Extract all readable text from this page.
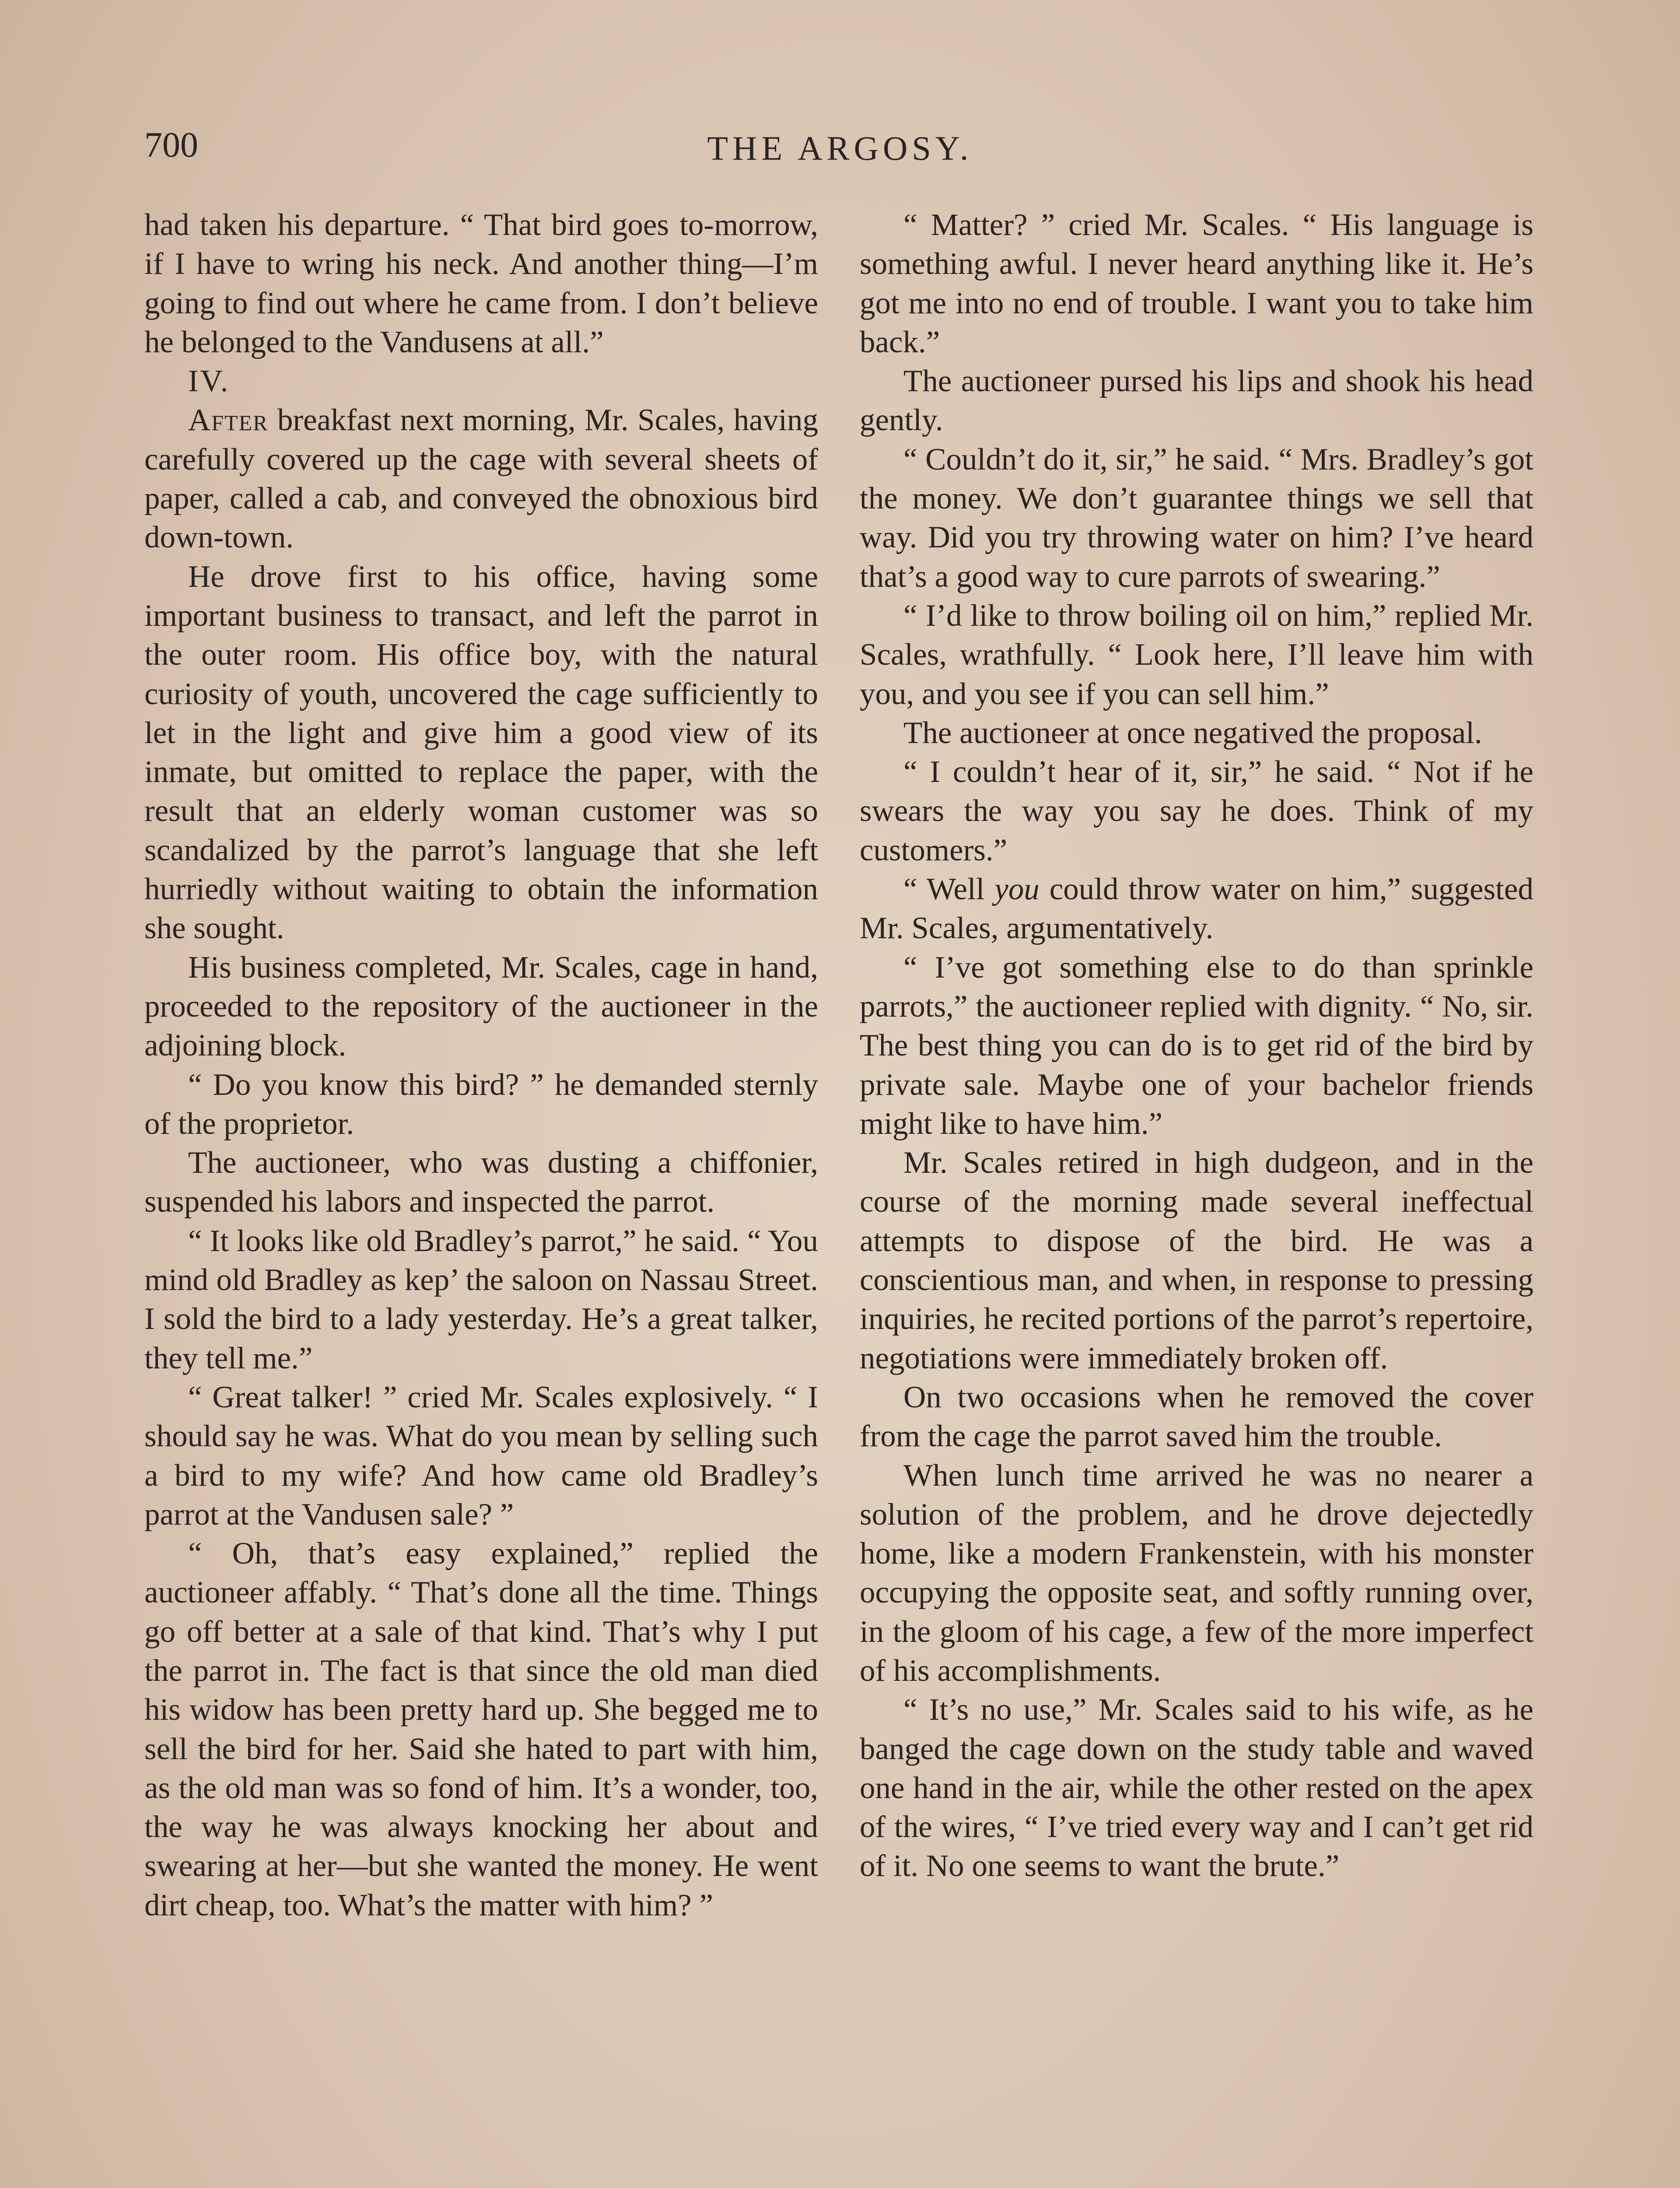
700	THE ARGOSY.

had taken his departure. “ That bird goes to-morrow, if I have to wring his neck. And another thing—I’m going to find out where he came from. I don’t believe he belonged to the Vandusens at all.”

IV.

After breakfast next morning, Mr. Scales, having carefully covered up the cage with several sheets of paper, called a cab, and conveyed the obnoxious bird down-town.

He drove first to his office, having some important business to transact, and left the parrot in the outer room. His office boy, with the natural curiosity of youth, uncovered the cage sufficiently to let in the light and give him a good view of its inmate, but omitted to replace the paper, with the result that an elderly woman customer was so scandalized by the parrot’s language that she left hurriedly without waiting to obtain the information she sought.

His business completed, Mr. Scales, cage in hand, proceeded to the repository of the auctioneer in the adjoining block.

“ Do you know this bird? ” he demanded sternly of the proprietor.

The auctioneer, who was dusting a chiffonier, suspended his labors and inspected the parrot.

“ It looks like old Bradley’s parrot,” he said. “ You mind old Bradley as kep’ the saloon on Nassau Street. I sold the bird to a lady yesterday. He’s a great talker, they tell me.”

“ Great talker! ” cried Mr. Scales explosively. “ I should say he was. What do you mean by selling such a bird to my wife? And how came old Bradley’s parrot at the Vandusen sale? ”

“ Oh, that’s easy explained,” replied the auctioneer affably. “ That’s done all the time. Things go off better at a sale of that kind. That’s why I put the parrot in. The fact is that since the old man died his widow has been pretty hard up. She begged me to sell the bird for her. Said she hated to part with him, as the old man was so fond of him. It’s a wonder, too, the way he was always knocking her about and swearing at her—but she wanted the money. He went dirt cheap, too. What’s the matter with him? ”

“ Matter? ” cried Mr. Scales. “ His language is something awful. I never heard anything like it. He’s got me into no end of trouble. I want you to take him back.”

The auctioneer pursed his lips and shook his head gently.

“ Couldn’t do it, sir,” he said. “ Mrs. Bradley’s got the money. We don’t guarantee things we sell that way. Did you try throwing water on him? I’ve heard that’s a good way to cure parrots of swearing.”

“ I’d like to throw boiling oil on him,” replied Mr. Scales, wrathfully. “ Look here, I’ll leave him with you, and you see if you can sell him.”

The auctioneer at once negatived the proposal.

“ I couldn’t hear of it, sir,” he said. “ Not if he swears the way you say he does. Think of my customers.”

“ Well you could throw water on him,” suggested Mr. Scales, argumentatively.

“ I’ve got something else to do than sprinkle parrots,” the auctioneer replied with dignity. “ No, sir. The best thing you can do is to get rid of the bird by private sale. Maybe one of your bachelor friends might like to have him.”

Mr. Scales retired in high dudgeon, and in the course of the morning made several ineffectual attempts to dispose of the bird. He was a conscientious man, and when, in response to pressing inquiries, he recited portions of the parrot’s repertoire, negotiations were immediately broken off.

On two occasions when he removed the cover from the cage the parrot saved him the trouble.

When lunch time arrived he was no nearer a solution of the problem, and he drove dejectedly home, like a modern Frankenstein, with his monster occupying the opposite seat, and softly running over, in the gloom of his cage, a few of the more imperfect of his accomplishments.

“ It’s no use,” Mr. Scales said to his wife, as he banged the cage down on the study table and waved one hand in the air, while the other rested on the apex of the wires, “ I’ve tried every way and I can’t get rid of it. No one seems to want the brute.”
